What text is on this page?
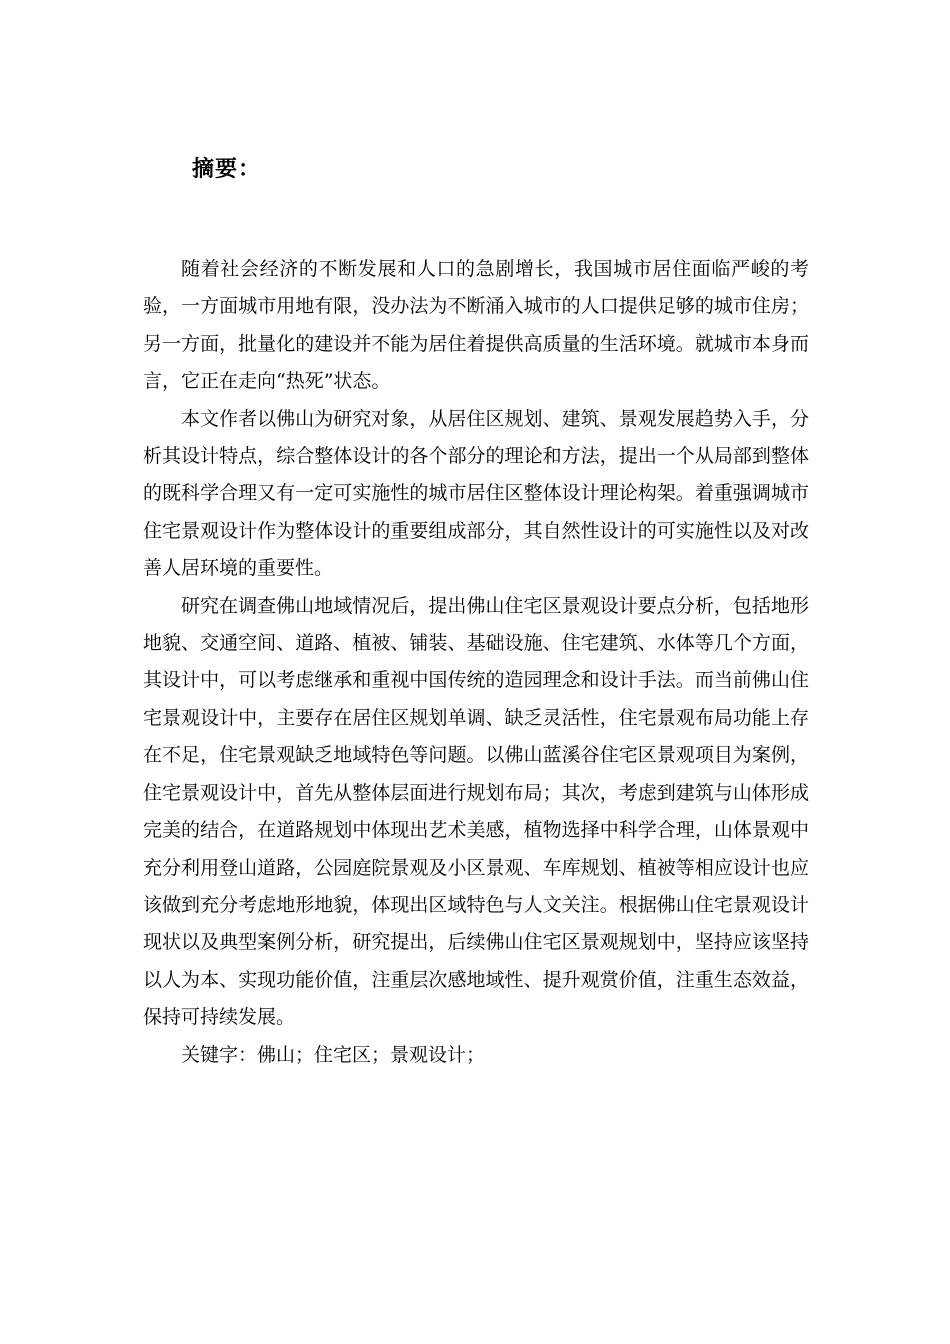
摘要：

随着社会经济的不断发展和人口的急剧增长，我国城市居住面临严峻的考验，一方面城市用地有限，没办法为不断涌入城市的人口提供足够的城市住房；另一方面，批量化的建设并不能为居住着提供高质量的生活环境。就城市本身而言，它正在走向“热死”状态。

本文作者以佛山为研究对象，从居住区规划、建筑、景观发展趋势入手，分析其设计特点，综合整体设计的各个部分的理论和方法，提出一个从局部到整体的既科学合理又有一定可实施性的城市居住区整体设计理论构架。着重强调城市住宅景观设计作为整体设计的重要组成部分，其自然性设计的可实施性以及对改善人居环境的重要性。

研究在调查佛山地域情况后，提出佛山住宅区景观设计要点分析，包括地形地貌、交通空间、道路、植被、铺装、基础设施、住宅建筑、水体等几个方面，其设计中，可以考虑继承和重视中国传统的造园理念和设计手法。而当前佛山住宅景观设计中，主要存在居住区规划单调、缺乏灵活性，住宅景观布局功能上存在不足，住宅景观缺乏地域特色等问题。以佛山蓝溪谷住宅区景观项目为案例，住宅景观设计中，首先从整体层面进行规划布局；其次，考虑到建筑与山体形成完美的结合，在道路规划中体现出艺术美感，植物选择中科学合理，山体景观中充分利用登山道路，公园庭院景观及小区景观、车库规划、植被等相应设计也应该做到充分考虑地形地貌，体现出区域特色与人文关注。根据佛山住宅景观设计现状以及典型案例分析，研究提出，后续佛山住宅区景观规划中，坚持应该坚持以人为本、实现功能价值，注重层次感地域性、提升观赏价值，注重生态效益，保持可持续发展。

关键字：佛山；住宅区；景观设计；
